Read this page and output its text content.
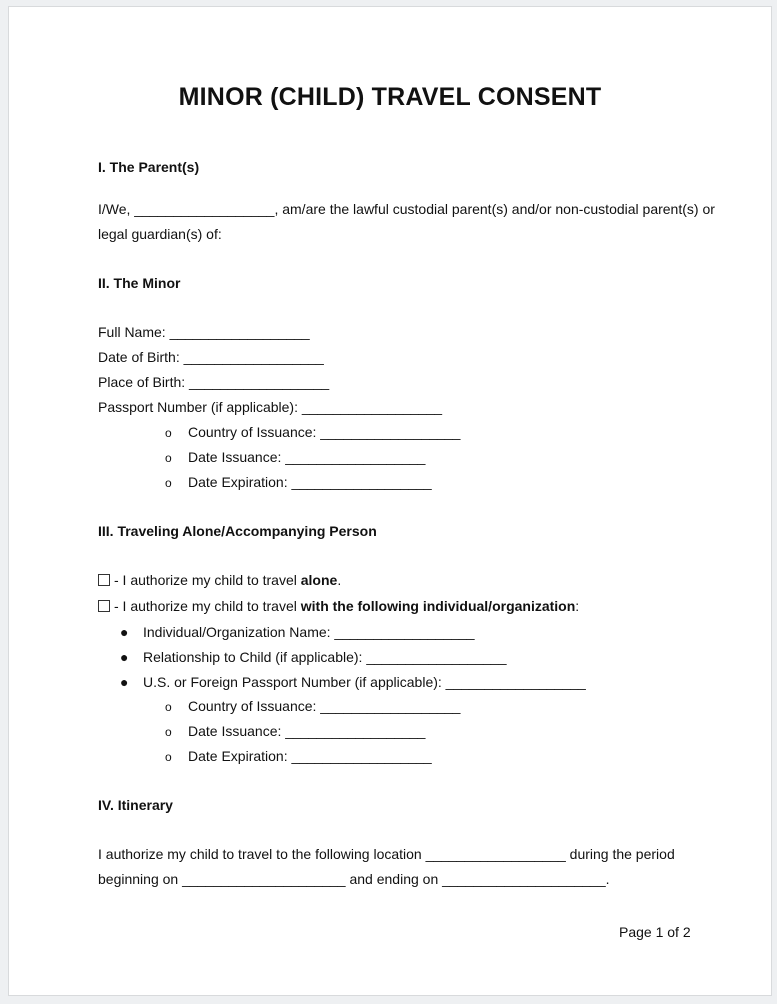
MINOR (CHILD) TRAVEL CONSENT
I. The Parent(s)
I/We, __________________, am/are the lawful custodial parent(s) and/or non-custodial parent(s) or
legal guardian(s) of:
II. The Minor
Full Name: __________________
Date of Birth: __________________
Place of Birth: __________________
Passport Number (if applicable): __________________
o Country of Issuance: __________________
o Date Issuance: __________________
o Date Expiration: __________________
III. Traveling Alone/Accompanying Person
- I authorize my child to travel alone.
- I authorize my child to travel with the following individual/organization:
● Individual/Organization Name: __________________
● Relationship to Child (if applicable): __________________
● U.S. or Foreign Passport Number (if applicable): __________________
o Country of Issuance: __________________
o Date Issuance: __________________
o Date Expiration: __________________
IV. Itinerary
I authorize my child to travel to the following location __________________ during the period
beginning on _____________________ and ending on _____________________.
Page 1 of 2
